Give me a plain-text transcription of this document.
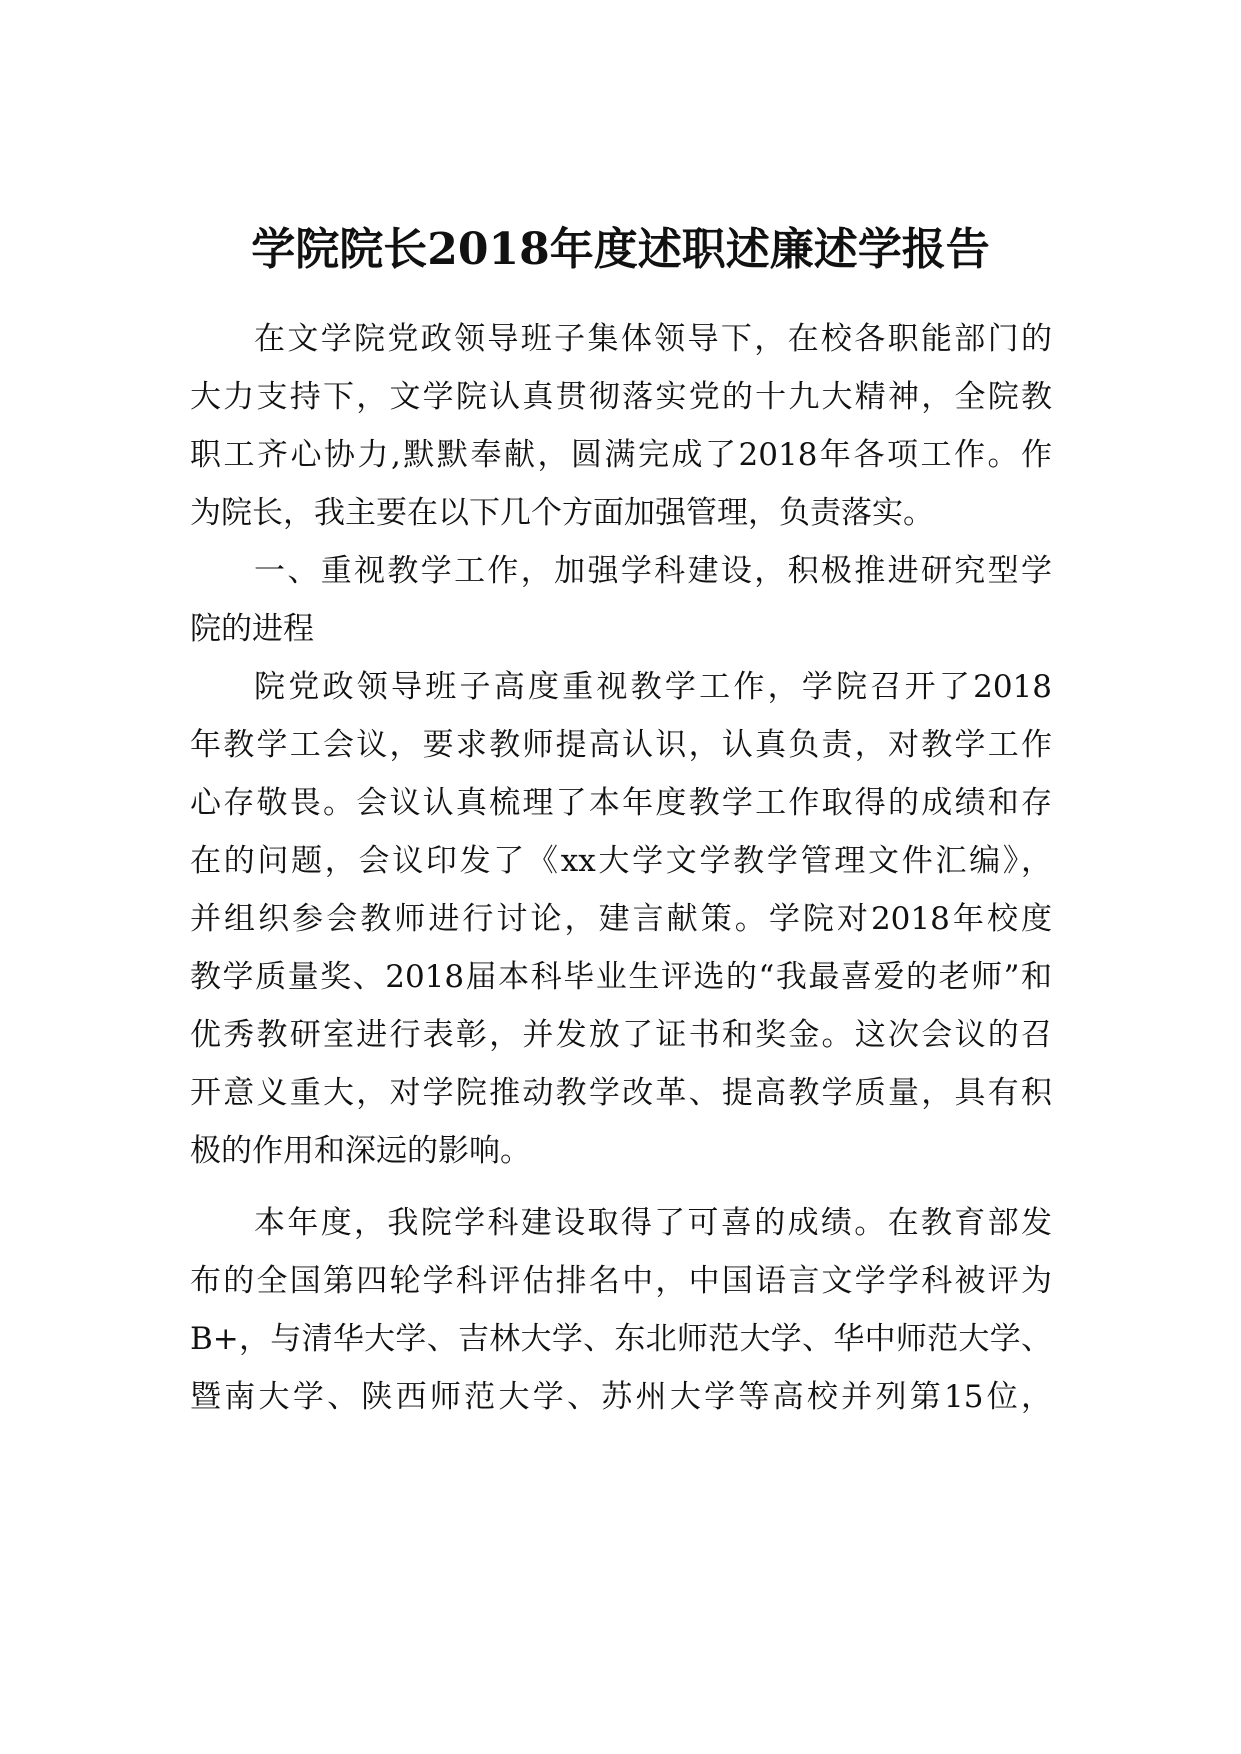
学院院长2018年度述职述廉述学报告
在文学院党政领导班子集体领导下，在校各职能部门的
大力支持下，文学院认真贯彻落实党的十九大精神，全院教
职工齐心协力,默默奉献，圆满完成了2018年各项工作。作
为院长，我主要在以下几个方面加强管理，负责落实。
一、重视教学工作，加强学科建设，积极推进研究型学
院的进程
院党政领导班子高度重视教学工作，学院召开了2018
年教学工会议，要求教师提高认识，认真负责，对教学工作
心存敬畏。会议认真梳理了本年度教学工作取得的成绩和存
在的问题，会议印发了《xx大学文学教学管理文件汇编》，
并组织参会教师进行讨论，建言献策。学院对2018年校度
教学质量奖、2018届本科毕业生评选的“我最喜爱的老师”和
优秀教研室进行表彰，并发放了证书和奖金。这次会议的召
开意义重大，对学院推动教学改革、提高教学质量，具有积
极的作用和深远的影响。
本年度，我院学科建设取得了可喜的成绩。在教育部发
布的全国第四轮学科评估排名中，中国语言文学学科被评为
B+，与清华大学、吉林大学、东北师范大学、华中师范大学、
暨南大学、陕西师范大学、苏州大学等高校并列第15位，
